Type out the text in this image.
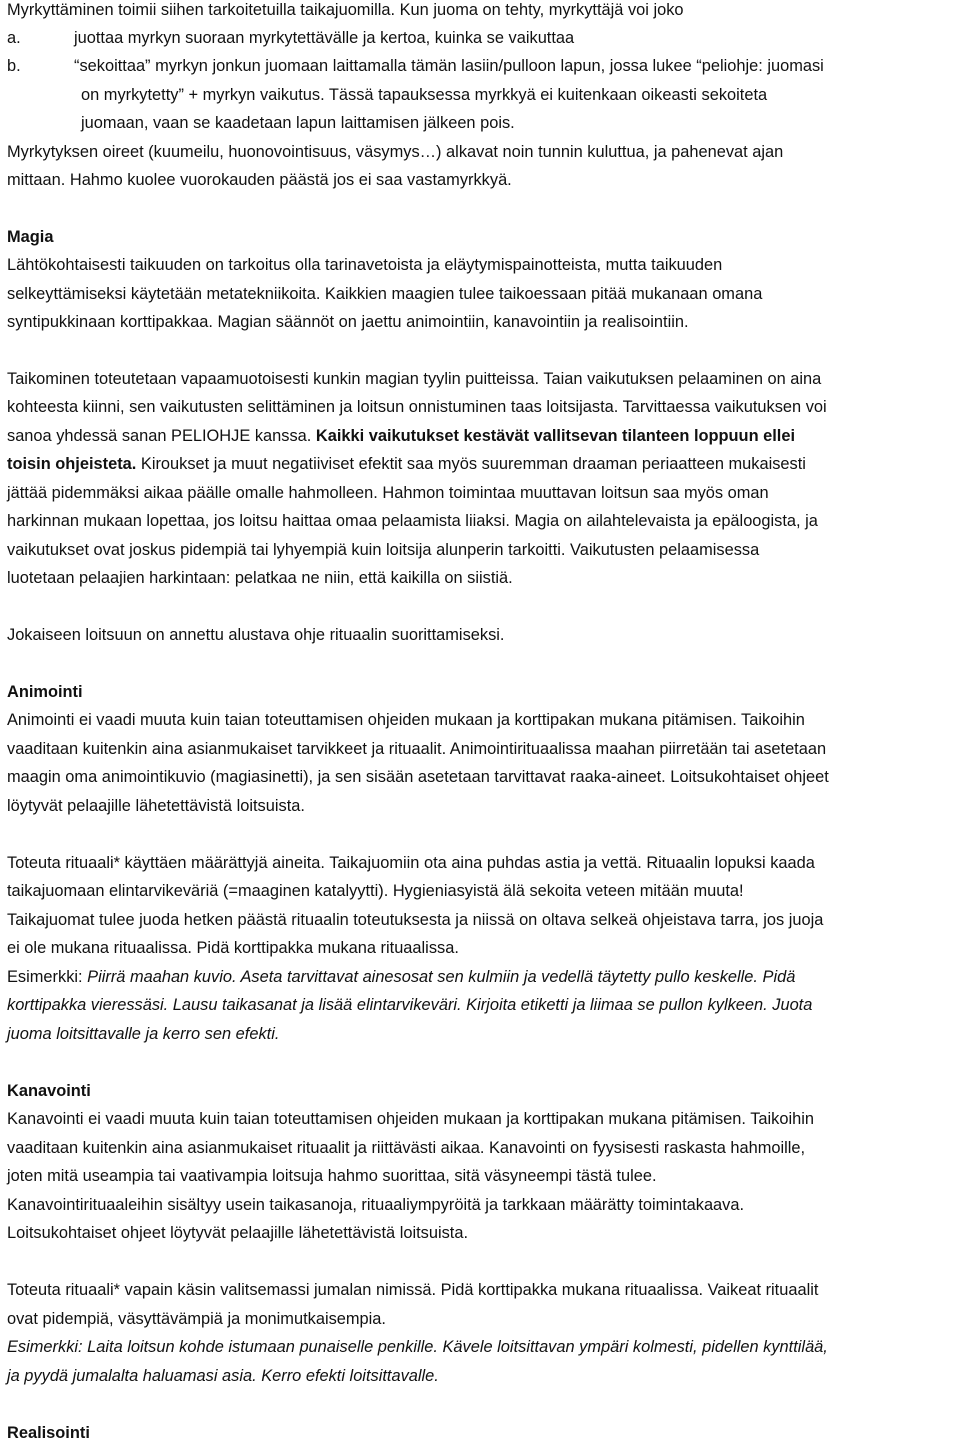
Myrkyttäminen toimii siihen tarkoitetuilla taikajuomilla. Kun juoma on tehty, myrkyttäjä voi joko
a.	juottaa myrkyn suoraan myrkytettävälle ja kertoa, kuinka se vaikuttaa
b.	“sekoittaa” myrkyn jonkun juomaan laittamalla tämän lasiin/pulloon lapun, jossa lukee “peliohje: juomasi
on myrkytetty” + myrkyn vaikutus. Tässä tapauksessa myrkkyä ei kuitenkaan oikeasti sekoiteta
juomaan, vaan se kaadetaan lapun laittamisen jälkeen pois.
Myrkytyksen oireet (kuumeilu, huonovointisuus, väsymys…) alkavat noin tunnin kuluttua, ja pahenevat ajan
mittaan. Hahmo kuolee vuorokauden päästä jos ei saa vastamyrkkyä.
Magia
Lähtökohtaisesti taikuuden on tarkoitus olla tarinavetoista ja eläytymispainotteista, mutta taikuuden
selkeyttämiseksi käytetään metatekniikoita. Kaikkien maagien tulee taikoessaan pitää mukanaan omana
syntipukkinaan korttipakkaa. Magian säännöt on jaettu animointiin, kanavointiin ja realisointiin.
Taikominen toteutetaan vapaamuotoisesti kunkin magian tyylin puitteissa. Taian vaikutuksen pelaaminen on aina
kohteesta kiinni, sen vaikutusten selittäminen ja loitsun onnistuminen taas loitsijasta. Tarvittaessa vaikutuksen voi
sanoa yhdessä sanan PELIOHJE kanssa. Kaikki vaikutukset kestävät vallitsevan tilanteen loppuun ellei
toisin ohjeisteta. Kiroukset ja muut negatiiviset efektit saa myös suuremman draaman periaatteen mukaisesti
jättää pidemmäksi aikaa päälle omalle hahmolleen. Hahmon toimintaa muuttavan loitsun saa myös oman
harkinnan mukaan lopettaa, jos loitsu haittaa omaa pelaamista liiaksi. Magia on ailahtelevaista ja epäloogista, ja
vaikutukset ovat joskus pidempiä tai lyhyempiä kuin loitsija alunperin tarkoitti. Vaikutusten pelaamisessa
luotetaan pelaajien harkintaan: pelatkaa ne niin, että kaikilla on siistiä.
Jokaiseen loitsuun on annettu alustava ohje rituaalin suorittamiseksi.
Animointi
Animointi ei vaadi muuta kuin taian toteuttamisen ohjeiden mukaan ja korttipakan mukana pitämisen. Taikoihin
vaaditaan kuitenkin aina asianmukaiset tarvikkeet ja rituaalit. Animointirituaalissa maahan piirretään tai asetetaan
maagin oma animointikuvio (magiasinetti), ja sen sisään asetetaan tarvittavat raaka-aineet. Loitsukohtaiset ohjeet
löytyvät pelaajille lähetettävistä loitsuista.
Toteuta rituaali* käyttäen määrättyjä aineita. Taikajuomiin ota aina puhdas astia ja vettä. Rituaalin lopuksi kaada
taikajuomaan elintarvikeväriä (=maaginen katalyytti). Hygieniasyistä älä sekoita veteen mitään muuta!
Taikajuomat tulee juoda hetken päästä rituaalin toteutuksesta ja niissä on oltava selkeä ohjeistava tarra, jos juoja
ei ole mukana rituaalissa. Pidä korttipakka mukana rituaalissa.
Esimerkki: Piirrä maahan kuvio. Aseta tarvittavat ainesosat sen kulmiin ja vedellä täytetty pullo keskelle. Pidä
korttipakka vieressäsi. Lausu taikasanat ja lisää elintarvikeväri. Kirjoita etiketti ja liimaa se pullon kylkeen. Juota
juoma loitsittavalle ja kerro sen efekti.
Kanavointi
Kanavointi ei vaadi muuta kuin taian toteuttamisen ohjeiden mukaan ja korttipakan mukana pitämisen. Taikoihin
vaaditaan kuitenkin aina asianmukaiset rituaalit ja riittävästi aikaa. Kanavointi on fyysisesti raskasta hahmoille,
joten mitä useampia tai vaativampia loitsuja hahmo suorittaa, sitä väsyneempi tästä tulee.
Kanavointirituaaleihin sisältyy usein taikasanoja, rituaaliympyröitä ja tarkkaan määrätty toimintakaava.
Loitsukohtaiset ohjeet löytyvät pelaajille lähetettävistä loitsuista.
Toteuta rituaali* vapain käsin valitsemassi jumalan nimissä. Pidä korttipakka mukana rituaalissa. Vaikeat rituaalit
ovat pidempiä, väsyttävämpiä ja monimutkaisempia.
Esimerkki: Laita loitsun kohde istumaan punaiselle penkille. Kävele loitsittavan ympäri kolmesti, pidellen kynttilää,
ja pyydä jumalalta haluamasi asia. Kerro efekti loitsittavalle.
Realisointi
